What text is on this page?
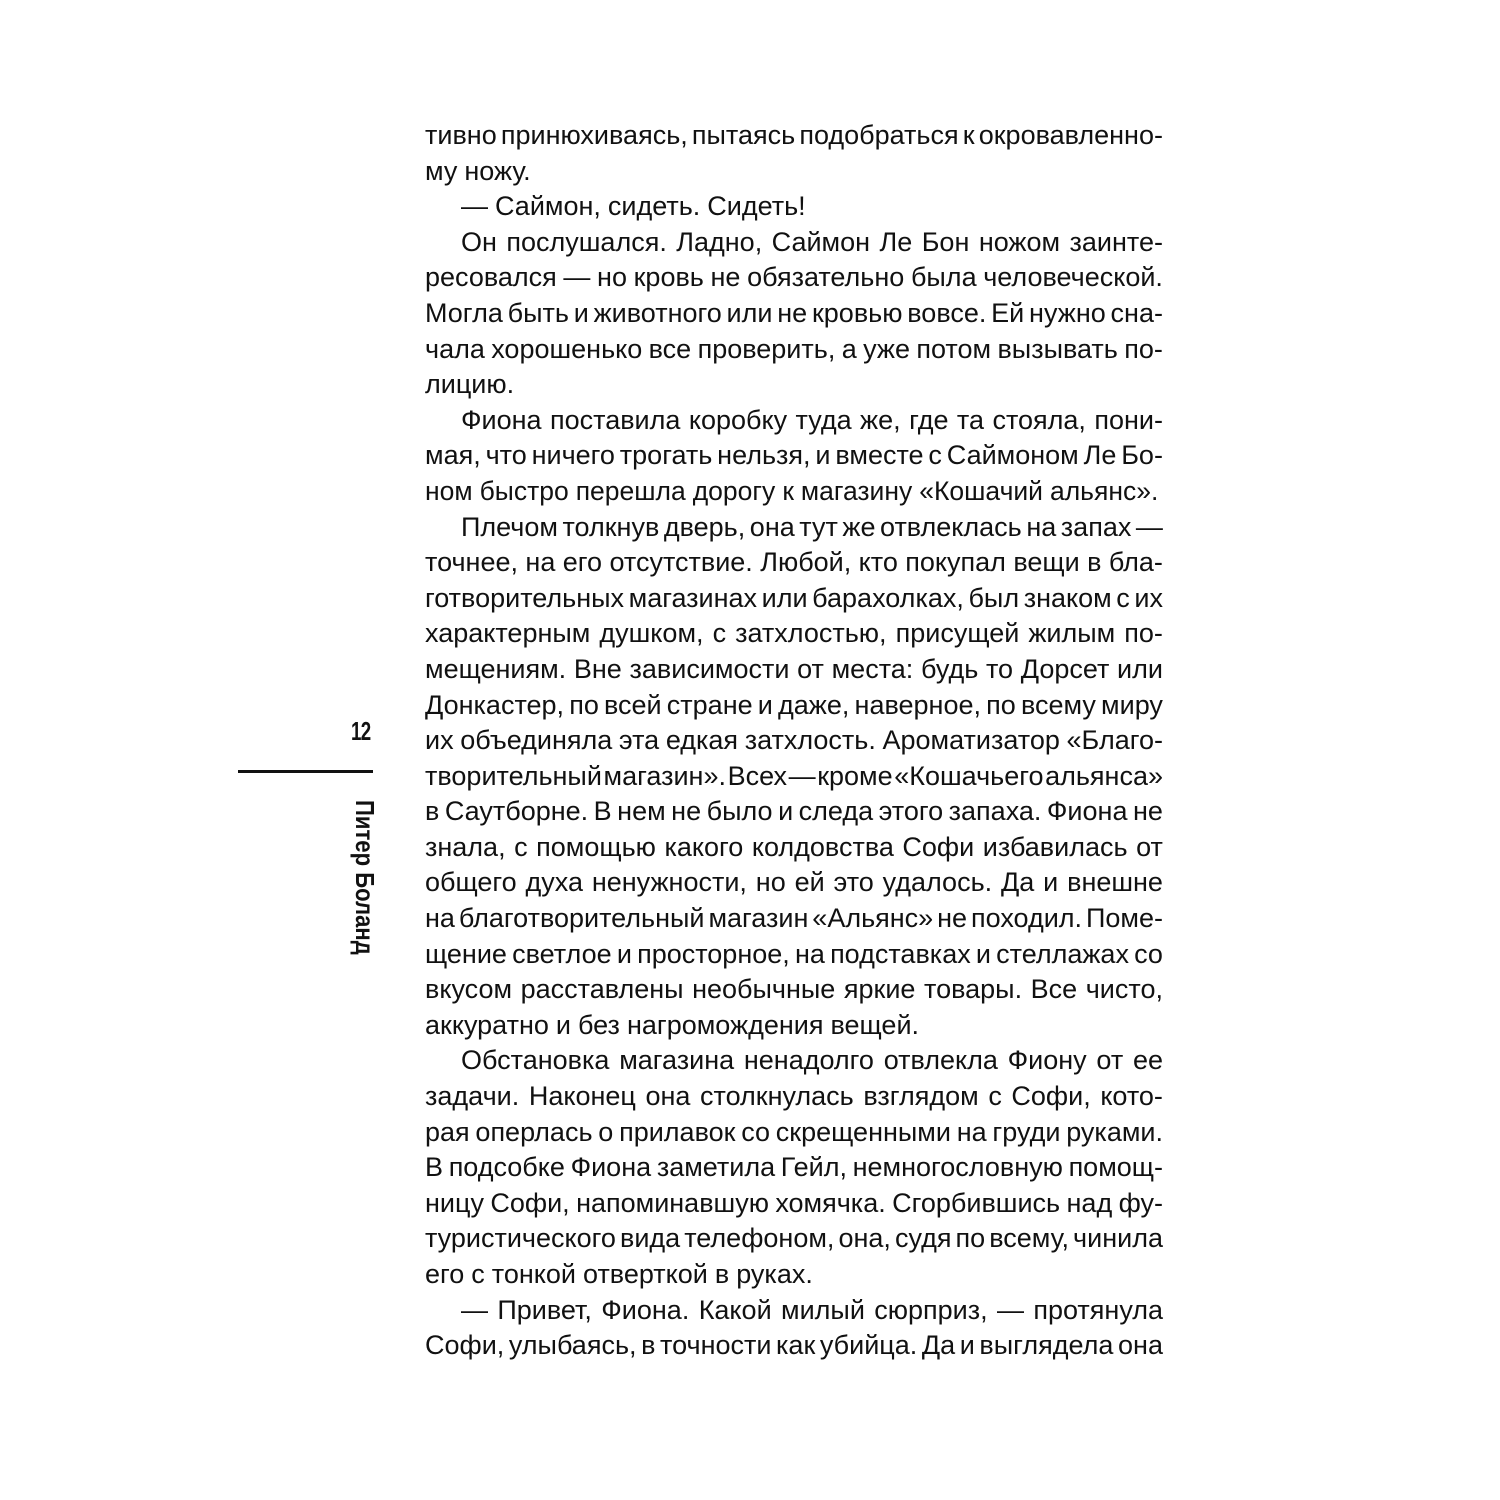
12
Питер Боланд
тивно принюхиваясь, пытаясь подобраться к окровавленно-
му ножу.
— Саймон, сидеть. Сидеть!
Он послушался. Ладно, Саймон Ле Бон ножом заинте-
ресовался — но кровь не обязательно была человеческой.
Могла быть и животного или не кровью вовсе. Ей нужно сна-
чала хорошенько все проверить, а уже потом вызывать по-
лицию.
Фиона поставила коробку туда же, где та стояла, пони-
мая, что ничего трогать нельзя, и вместе с Саймоном Ле Бо-
ном быстро перешла дорогу к магазину «Кошачий альянс».
Плечом толкнув дверь, она тут же отвлеклась на запах —
точнее, на его отсутствие. Любой, кто покупал вещи в бла-
готворительных магазинах или барахолках, был знаком с их
характерным душком, с затхлостью, присущей жилым по-
мещениям. Вне зависимости от места: будь то Дорсет или
Донкастер, по всей стране и даже, наверное, по всему миру
их объединяла эта едкая затхлость. Ароматизатор «Благо-
творительный магазин». Всех — кроме «Кошачьего альянса»
в Саутборне. В нем не было и следа этого запаха. Фиона не
знала, с помощью какого колдовства Софи избавилась от
общего духа ненужности, но ей это удалось. Да и внешне
на благотворительный магазин «Альянс» не походил. Поме-
щение светлое и просторное, на подставках и стеллажах со
вкусом расставлены необычные яркие товары. Все чисто,
аккуратно и без нагромождения вещей.
Обстановка магазина ненадолго отвлекла Фиону от ее
задачи. Наконец она столкнулась взглядом с Софи, кото-
рая оперлась о прилавок со скрещенными на груди руками.
В подсобке Фиона заметила Гейл, немногословную помощ-
ницу Софи, напоминавшую хомячка. Сгорбившись над фу-
туристического вида телефоном, она, судя по всему, чинила
его с тонкой отверткой в руках.
— Привет, Фиона. Какой милый сюрприз, — протянула
Софи, улыбаясь, в точности как убийца. Да и выглядела она
